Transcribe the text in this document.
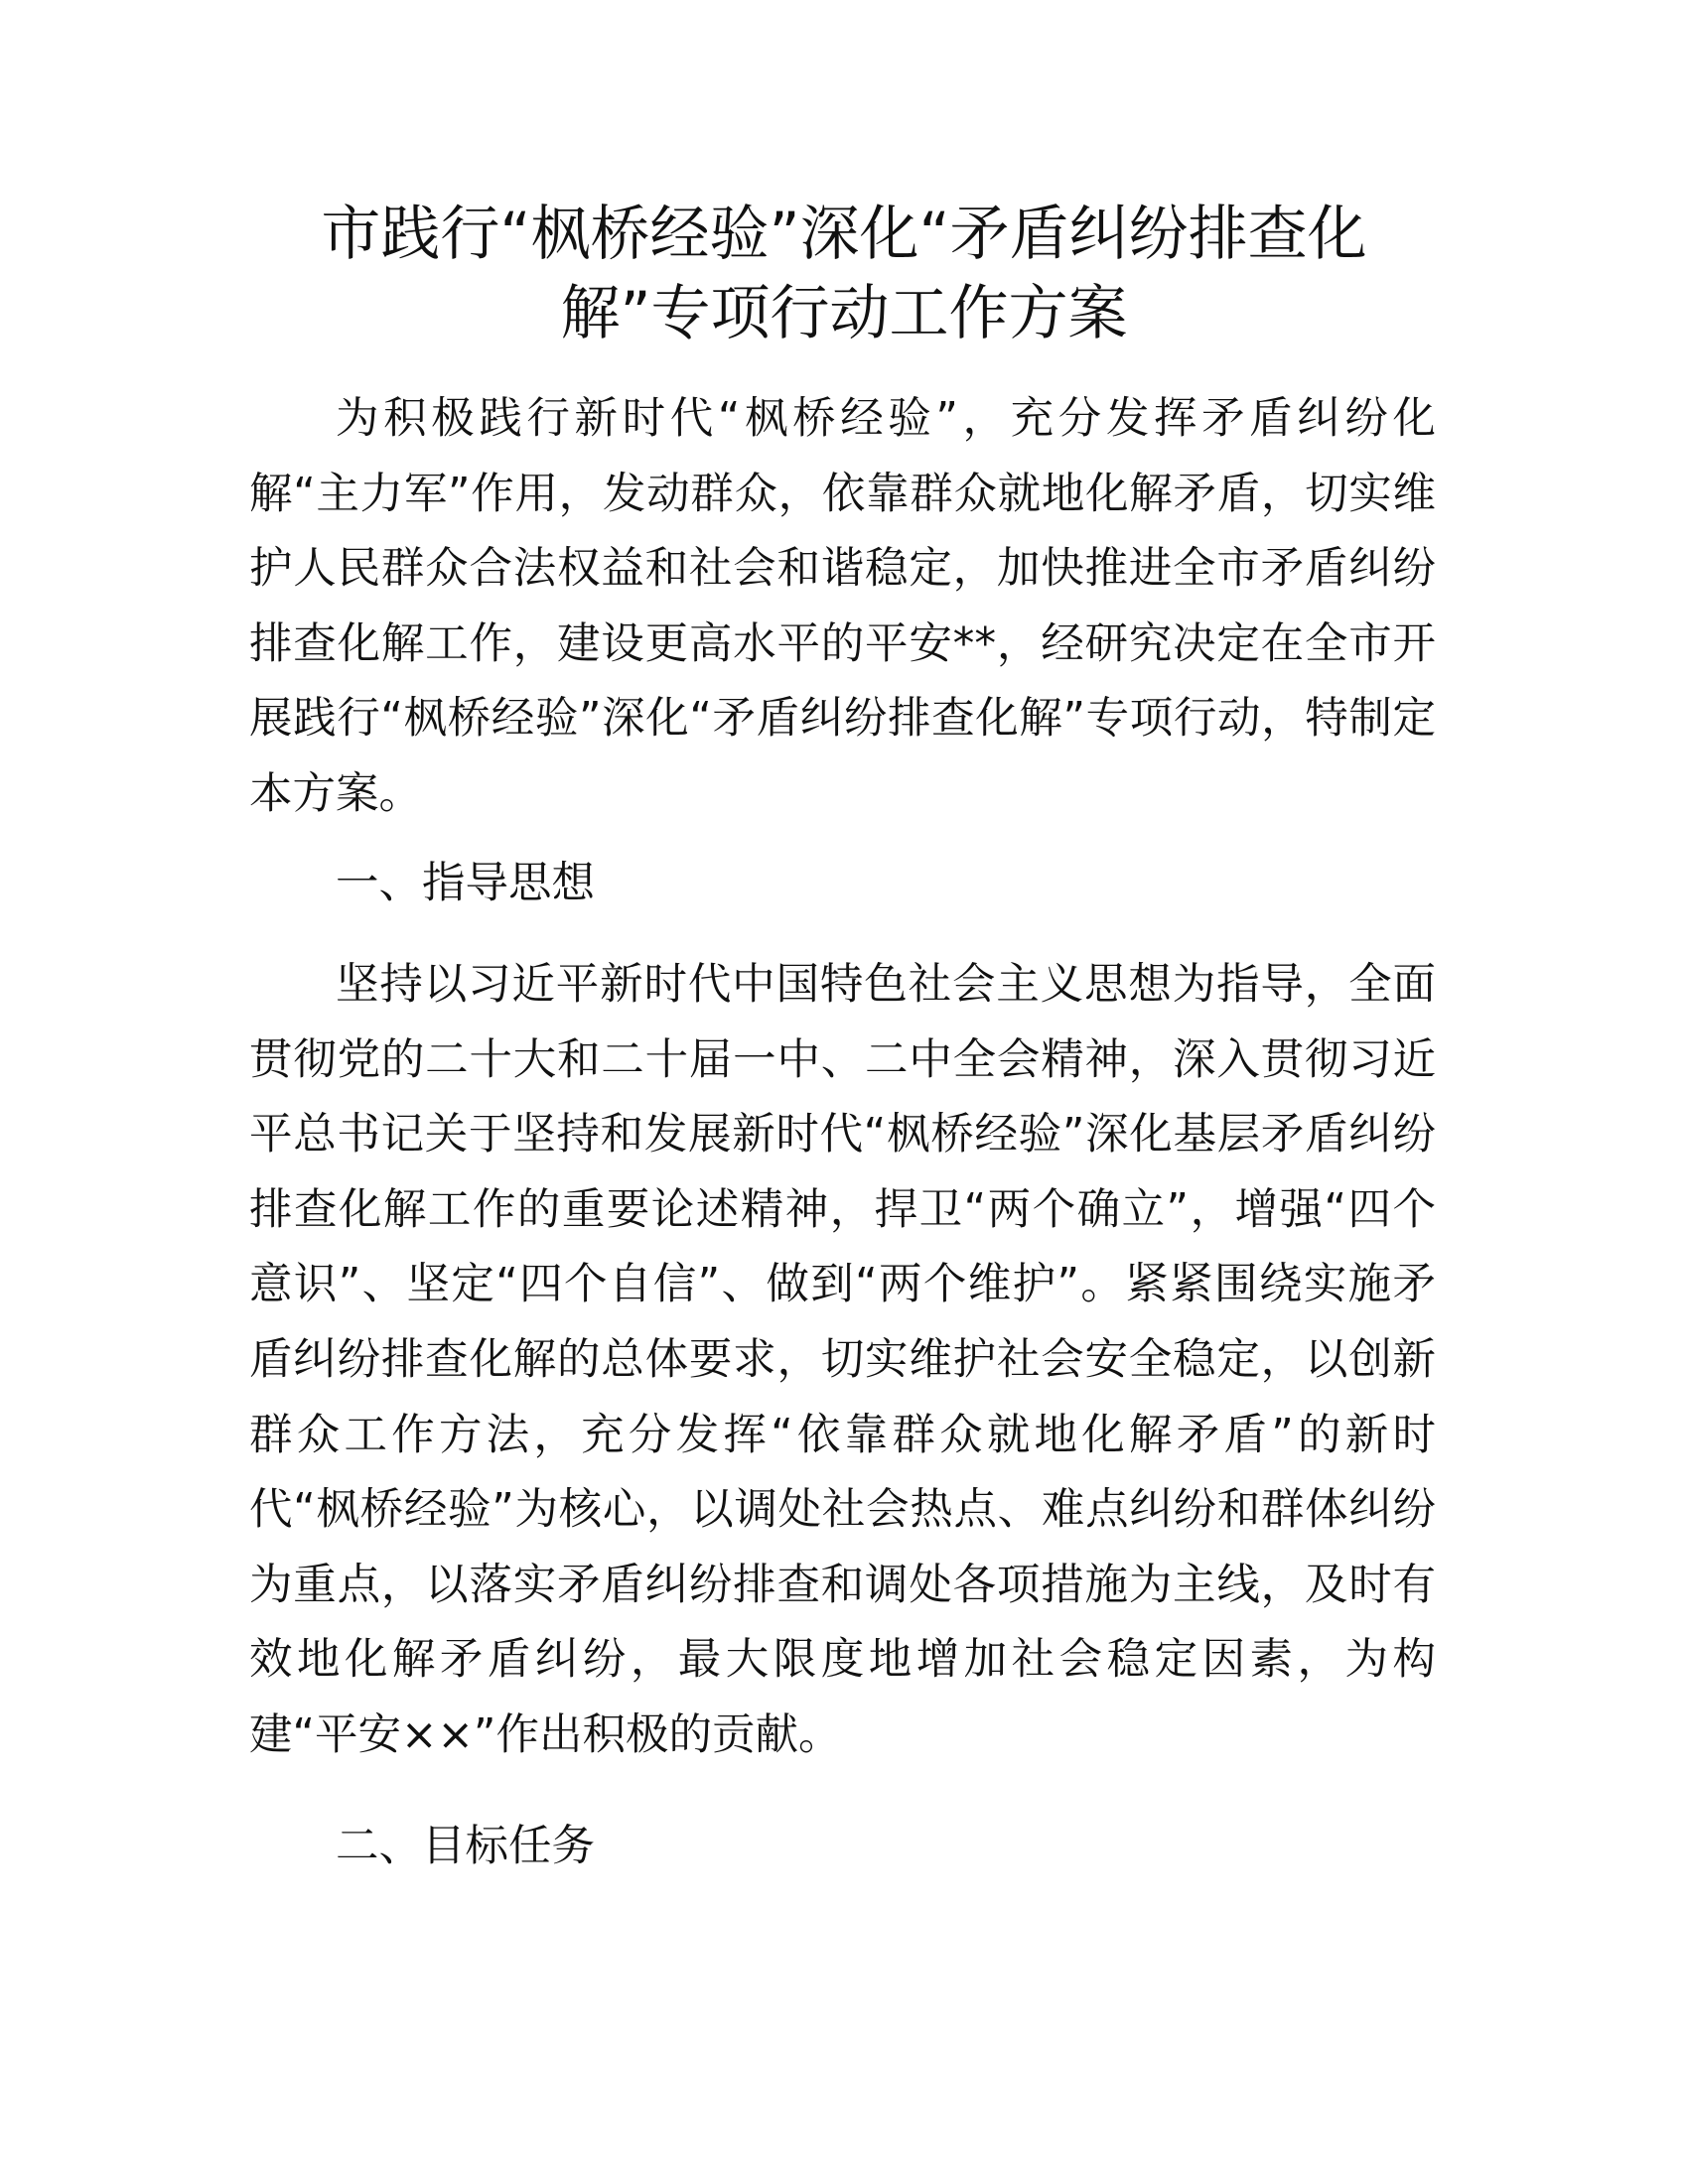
市践行“枫桥经验”深化“矛盾纠纷排查化
解”专项行动工作方案

为积极践行新时代“枫桥经验”，充分发挥矛盾纠纷化解“主力军”作用，发动群众，依靠群众就地化解矛盾，切实维护人民群众合法权益和社会和谐稳定，加快推进全市矛盾纠纷排查化解工作，建设更高水平的平安**，经研究决定在全市开展践行“枫桥经验”深化“矛盾纠纷排查化解”专项行动，特制定本方案。

一、指导思想

坚持以习近平新时代中国特色社会主义思想为指导，全面贯彻党的二十大和二十届一中、二中全会精神，深入贯彻习近平总书记关于坚持和发展新时代“枫桥经验”深化基层矛盾纠纷排查化解工作的重要论述精神，捍卫“两个确立”，增强“四个意识”、坚定“四个自信”、做到“两个维护”。紧紧围绕实施矛盾纠纷排查化解的总体要求，切实维护社会安全稳定，以创新群众工作方法，充分发挥“依靠群众就地化解矛盾”的新时代“枫桥经验”为核心，以调处社会热点、难点纠纷和群体纠纷为重点，以落实矛盾纠纷排查和调处各项措施为主线，及时有效地化解矛盾纠纷，最大限度地增加社会稳定因素，为构建“平安××”作出积极的贡献。

二、目标任务
